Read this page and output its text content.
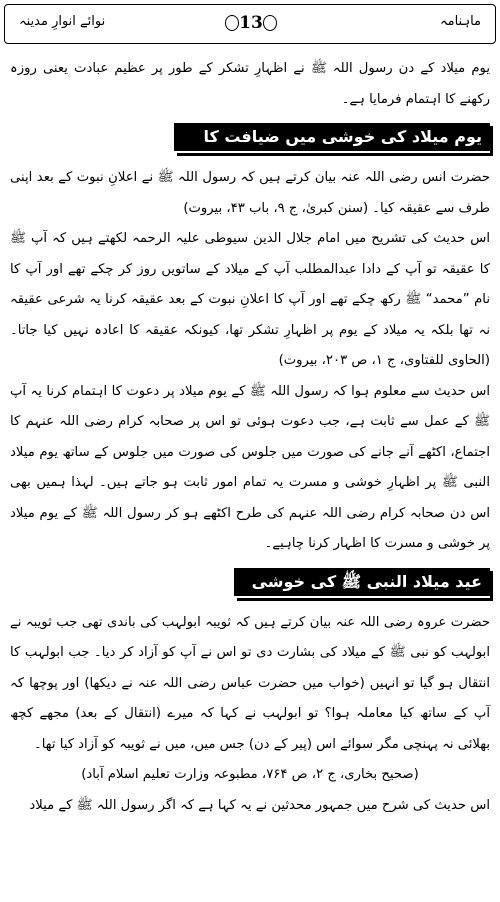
نوائے انوارِ مدینہ	13	ماہنامہ

یوم میلاد کے دن رسول اللہ ﷺ نے اظہارِ تشکر کے طور پر عظیم عبادت یعنی روزہ رکھنے کا اہتمام فرمایا ہے۔

یوم میلاد کی خوشی میں ضیافت کا اہتمام کرنا

حضرت انس رضی اللہ عنہ بیان کرتے ہیں کہ رسول اللہ ﷺ نے اعلانِ نبوت کے بعد اپنی طرف سے عقیقہ کیا۔ (سنن کبریٰ، ج ۹، باب ۴۳، بیروت)

اس حدیث کی تشریح میں امام جلال الدین سیوطی علیہ الرحمہ لکھتے ہیں کہ آپ ﷺ کا عقیقہ تو آپ کے دادا عبدالمطلب آپ کے میلاد کے ساتویں روز کر چکے تھے اور آپ کا نام ”محمد“ ﷺ رکھ چکے تھے اور آپ کا اعلانِ نبوت کے بعد عقیقہ کرنا یہ شرعی عقیقہ نہ تھا بلکہ یہ میلاد کے یوم پر اظہارِ تشکر تھا، کیونکہ عقیقہ کا اعادہ نہیں کیا جاتا۔ (الحاوی للفتاوی، ج ۱، ص ۲۰۳، بیروت)

اس حدیث سے معلوم ہوا کہ رسول اللہ ﷺ کے یوم میلاد پر دعوت کا اہتمام کرنا یہ آپ ﷺ کے عمل سے ثابت ہے، جب دعوت ہوئی تو اس پر صحابہ کرام رضی اللہ عنہم کا اجتماع، اکٹھے آنے جانے کی صورت میں جلوس کی صورت میں جلوس کے ساتھ یوم میلاد النبی ﷺ پر اظہارِ خوشی و مسرت یہ تمام امور ثابت ہو جاتے ہیں۔ لہذا ہمیں بھی اس دن صحابہ کرام رضی اللہ عنہم کی طرح اکٹھے ہو کر رسول اللہ ﷺ کے یوم میلاد پر خوشی و مسرت کا اظہار کرنا چاہیے۔

عید میلاد النبی ﷺ کی خوشی پر ثواب

حضرت عروہ رضی اللہ عنہ بیان کرتے ہیں کہ ثویبہ ابولہب کی باندی تھی جب ثویبہ نے ابولہب کو نبی ﷺ کے میلاد کی بشارت دی تو اس نے آپ کو آزاد کر دیا۔ جب ابولہب کا انتقال ہو گیا تو انہیں (خواب میں حضرت عباس رضی اللہ عنہ نے دیکھا) اور پوچھا کہ آپ کے ساتھ کیا معاملہ ہوا؟ تو ابولہب نے کہا کہ میرے (انتقال کے بعد) مجھے کچھ بھلائی نہ پہنچی مگر سوائے اس (پیر کے دن) جس میں، میں نے ثویبہ کو آزاد کیا تھا۔

(صحیح بخاری، ج ۲، ص ۷۶۴، مطبوعہ وزارت تعلیم اسلام آباد)

اس حدیث کی شرح میں جمہور محدثین نے یہ کہا ہے کہ اگر رسول اللہ ﷺ کے میلاد
